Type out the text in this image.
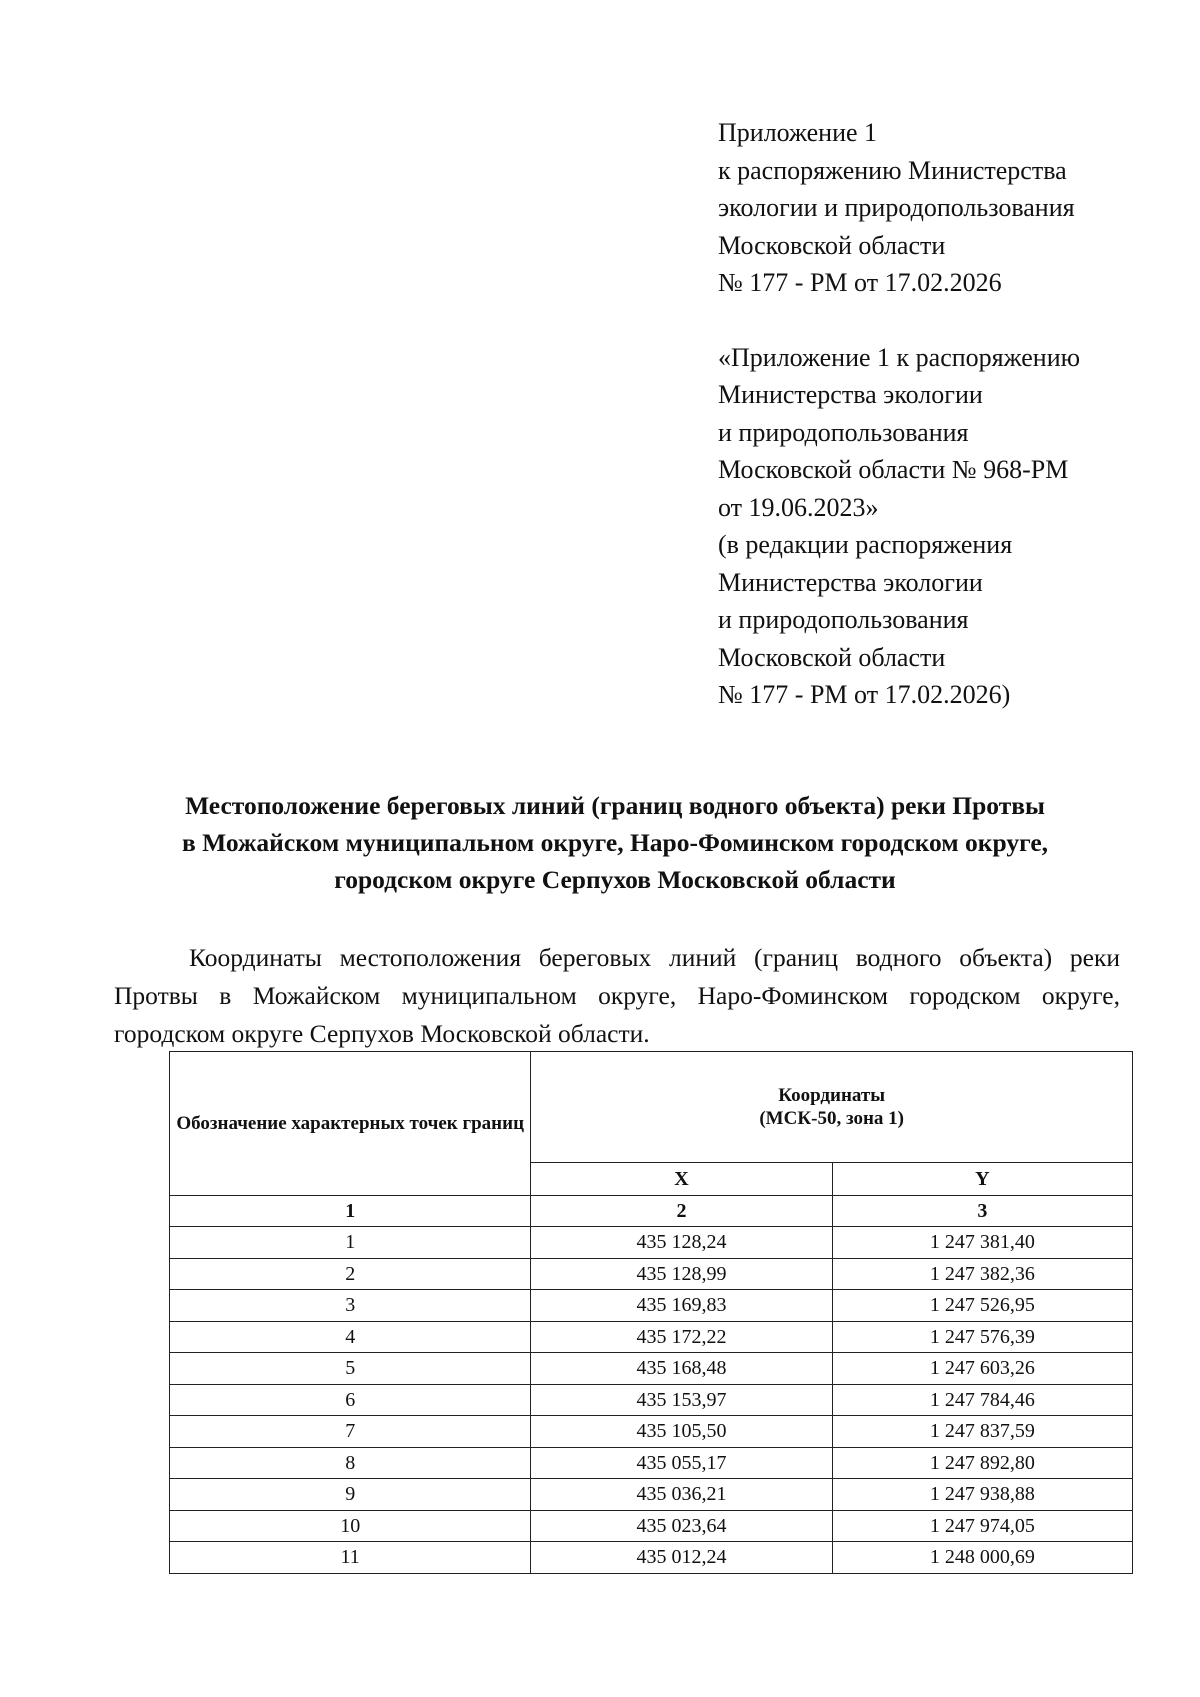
Приложение 1
к распоряжению Министерства
экологии и природопользования
Московской области
№ 177 - РМ от 17.02.2026
«Приложение 1 к распоряжению
Министерства экологии
и природопользования
Московской области № 968-РМ
от 19.06.2023»
(в редакции распоряжения
Министерства экологии
и природопользования
Московской области
№ 177 - РМ от 17.02.2026)
Местоположение береговых линий (границ водного объекта) реки Протвы
в Можайском муниципальном округе, Наро-Фоминском городском округе,
городском округе Серпухов Московской области
Координаты местоположения береговых линий (границ водного объекта) реки Протвы в Можайском муниципальном округе, Наро-Фоминском городском округе, городском округе Серпухов Московской области.
Обозначение характерных точек границ	Координаты
(МСК-50, зона 1)	

	X	Y
1	2	3
1	435 128,24	1 247 381,40
2	435 128,99	1 247 382,36
3	435 169,83	1 247 526,95
4	435 172,22	1 247 576,39
5	435 168,48	1 247 603,26
6	435 153,97	1 247 784,46
7	435 105,50	1 247 837,59
8	435 055,17	1 247 892,80
9	435 036,21	1 247 938,88
10	435 023,64	1 247 974,05
11	435 012,24	1 248 000,69
